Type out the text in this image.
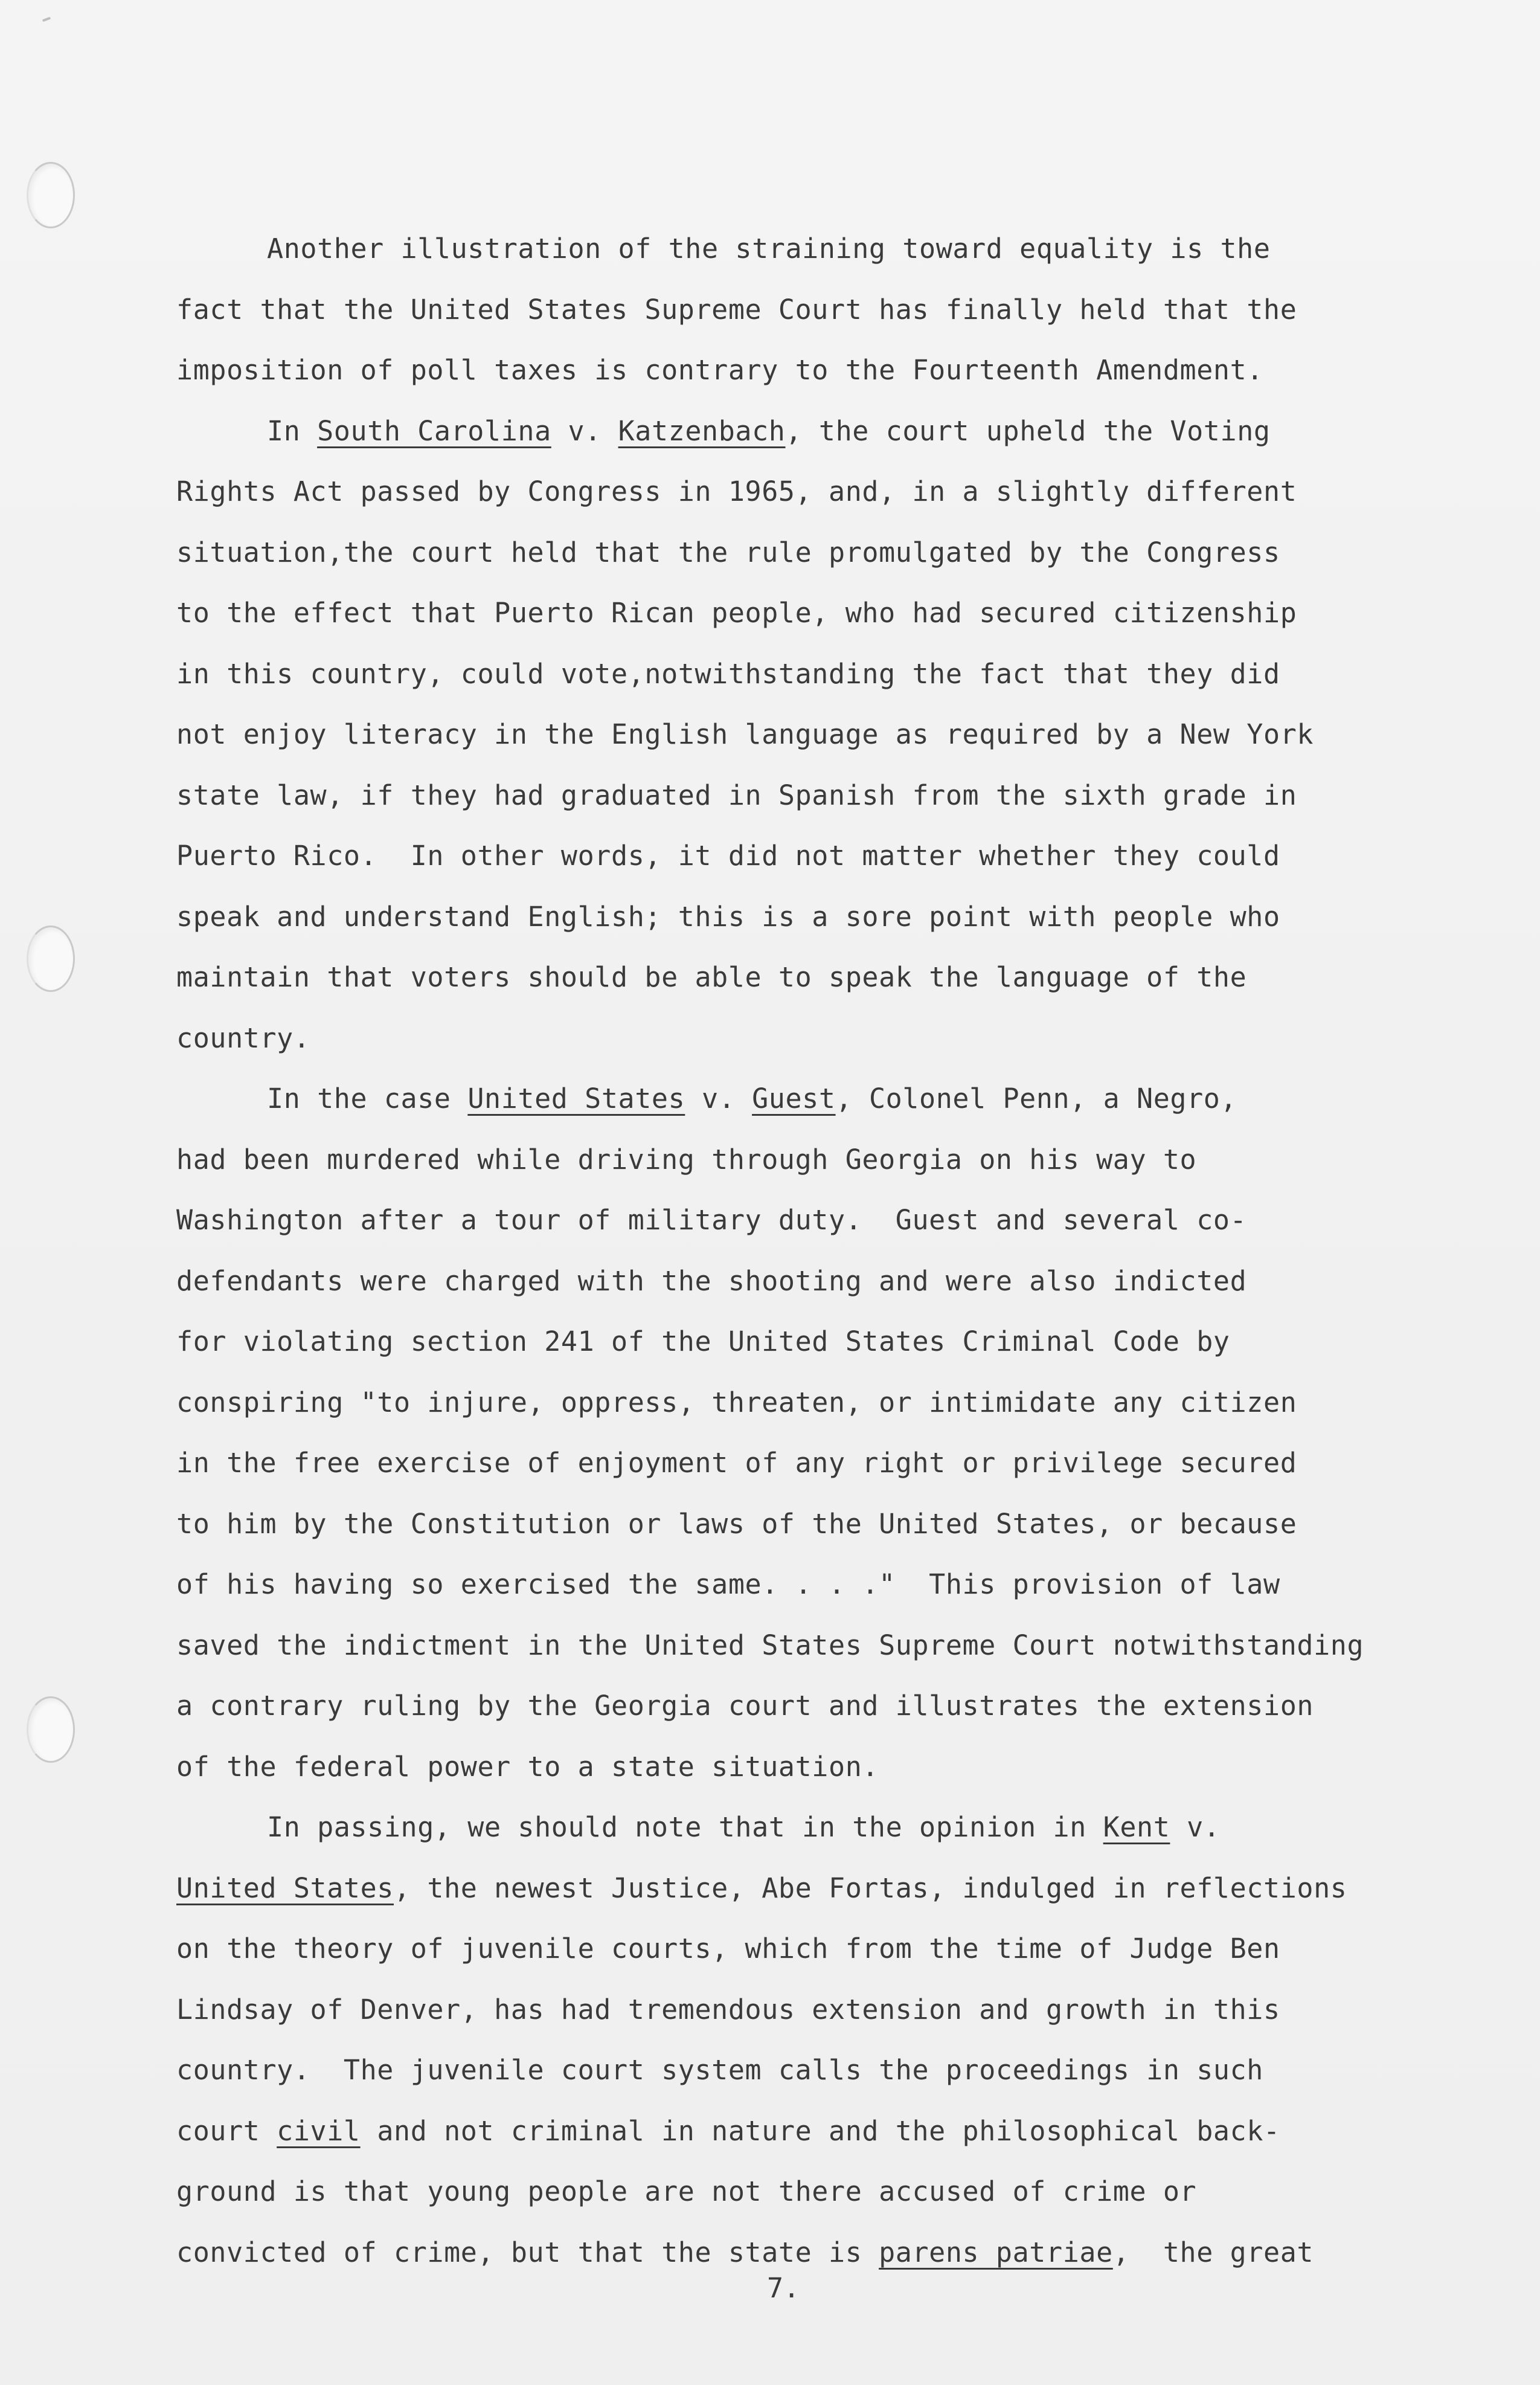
Another illustration of the straining toward equality is the
fact that the United States Supreme Court has finally held that the
imposition of poll taxes is contrary to the Fourteenth Amendment.
In South Carolina v. Katzenbach, the court upheld the Voting
Rights Act passed by Congress in 1965, and, in a slightly different
situation,the court held that the rule promulgated by the Congress
to the effect that Puerto Rican people, who had secured citizenship
in this country, could vote,notwithstanding the fact that they did
not enjoy literacy in the English language as required by a New York
state law, if they had graduated in Spanish from the sixth grade in
Puerto Rico.  In other words, it did not matter whether they could
speak and understand English; this is a sore point with people who
maintain that voters should be able to speak the language of the
country.
In the case United States v. Guest, Colonel Penn, a Negro,
had been murdered while driving through Georgia on his way to
Washington after a tour of military duty.  Guest and several co-
defendants were charged with the shooting and were also indicted
for violating section 241 of the United States Criminal Code by
conspiring "to injure, oppress, threaten, or intimidate any citizen
in the free exercise of enjoyment of any right or privilege secured
to him by the Constitution or laws of the United States, or because
of his having so exercised the same. . . ."  This provision of law
saved the indictment in the United States Supreme Court notwithstanding
a contrary ruling by the Georgia court and illustrates the extension
of the federal power to a state situation.
In passing, we should note that in the opinion in Kent v.
United States, the newest Justice, Abe Fortas, indulged in reflections
on the theory of juvenile courts, which from the time of Judge Ben
Lindsay of Denver, has had tremendous extension and growth in this
country.  The juvenile court system calls the proceedings in such
court civil and not criminal in nature and the philosophical back-
ground is that young people are not there accused of crime or
convicted of crime, but that the state is parens patriae,  the great
7.
